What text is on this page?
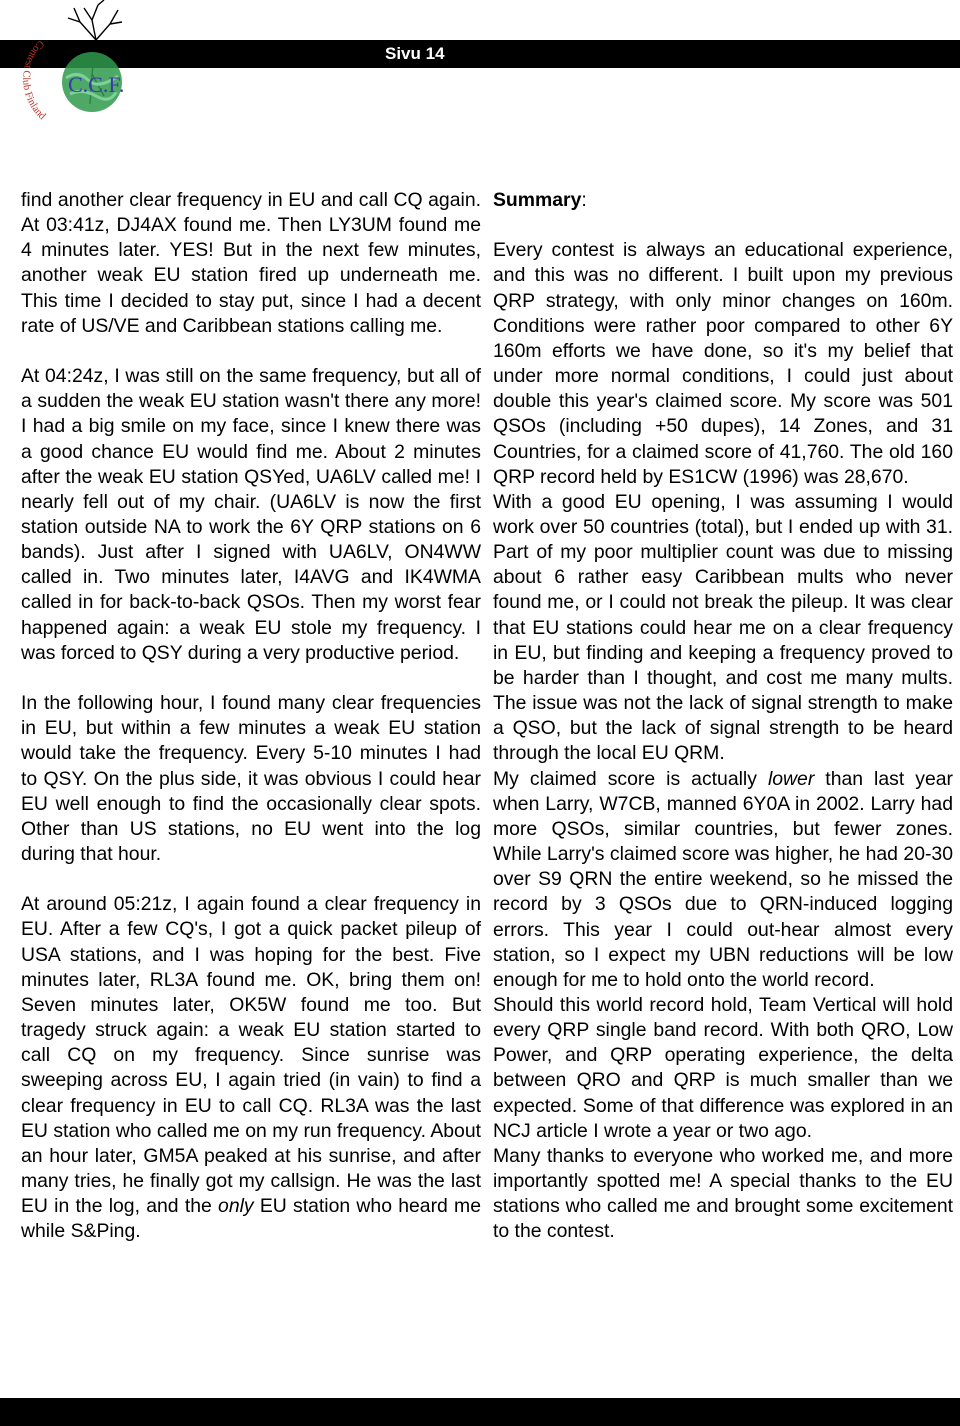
Sivu 14
C.C.F.
Contest Club Finland

find another clear frequency in EU and call CQ again. At 03:41z, DJ4AX found me. Then LY3UM found me 4 minutes later. YES! But in the next few minutes, another weak EU station fired up underneath me. This time I decided to stay put, since I had a decent rate of US/VE and Caribbean stations calling me.

At 04:24z, I was still on the same frequency, but all of a sudden the weak EU station wasn't there any more! I had a big smile on my face, since I knew there was a good chance EU would find me. About 2 minutes after the weak EU station QSYed, UA6LV called me! I nearly fell out of my chair. (UA6LV is now the first station outside NA to work the 6Y QRP stations on 6 bands). Just after I signed with UA6LV, ON4WW called in. Two minutes later, I4AVG and IK4WMA called in for back-to-back QSOs. Then my worst fear happened again: a weak EU stole my frequency. I was forced to QSY during a very productive period.

In the following hour, I found many clear frequencies in EU, but within a few minutes a weak EU station would take the frequency. Every 5-10 minutes I had to QSY. On the plus side, it was obvious I could hear EU well enough to find the occasionally clear spots. Other than US stations, no EU went into the log during that hour.

At around 05:21z, I again found a clear frequency in EU. After a few CQ's, I got a quick packet pileup of USA stations, and I was hoping for the best. Five minutes later, RL3A found me. OK, bring them on! Seven minutes later, OK5W found me too. But tragedy struck again: a weak EU station started to call CQ on my frequency. Since sunrise was sweeping across EU, I again tried (in vain) to find a clear frequency in EU to call CQ. RL3A was the last EU station who called me on my run frequency. About an hour later, GM5A peaked at his sunrise, and after many tries, he finally got my callsign. He was the last EU in the log, and the only EU station who heard me while S&Ping.

Summary:

Every contest is always an educational experience, and this was no different. I built upon my previous QRP strategy, with only minor changes on 160m. Conditions were rather poor compared to other 6Y 160m efforts we have done, so it's my belief that under more normal conditions, I could just about double this year's claimed score. My score was 501 QSOs (including +50 dupes), 14 Zones, and 31 Countries, for a claimed score of 41,760. The old 160 QRP record held by ES1CW (1996) was 28,670.

With a good EU opening, I was assuming I would work over 50 countries (total), but I ended up with 31. Part of my poor multiplier count was due to missing about 6 rather easy Caribbean mults who never found me, or I could not break the pileup. It was clear that EU stations could hear me on a clear frequency in EU, but finding and keeping a frequency proved to be harder than I thought, and cost me many mults. The issue was not the lack of signal strength to make a QSO, but the lack of signal strength to be heard through the local EU QRM.

My claimed score is actually lower than last year when Larry, W7CB, manned 6Y0A in 2002. Larry had more QSOs, similar countries, but fewer zones. While Larry's claimed score was higher, he had 20-30 over S9 QRN the entire weekend, so he missed the record by 3 QSOs due to QRN-induced logging errors. This year I could out-hear almost every station, so I expect my UBN reductions will be low enough for me to hold onto the world record.

Should this world record hold, Team Vertical will hold every QRP single band record. With both QRO, Low Power, and QRP operating experience, the delta between QRO and QRP is much smaller than we expected. Some of that difference was explored in an NCJ article I wrote a year or two ago.

Many thanks to everyone who worked me, and more importantly spotted me! A special thanks to the EU stations who called me and brought some excitement to the contest.
